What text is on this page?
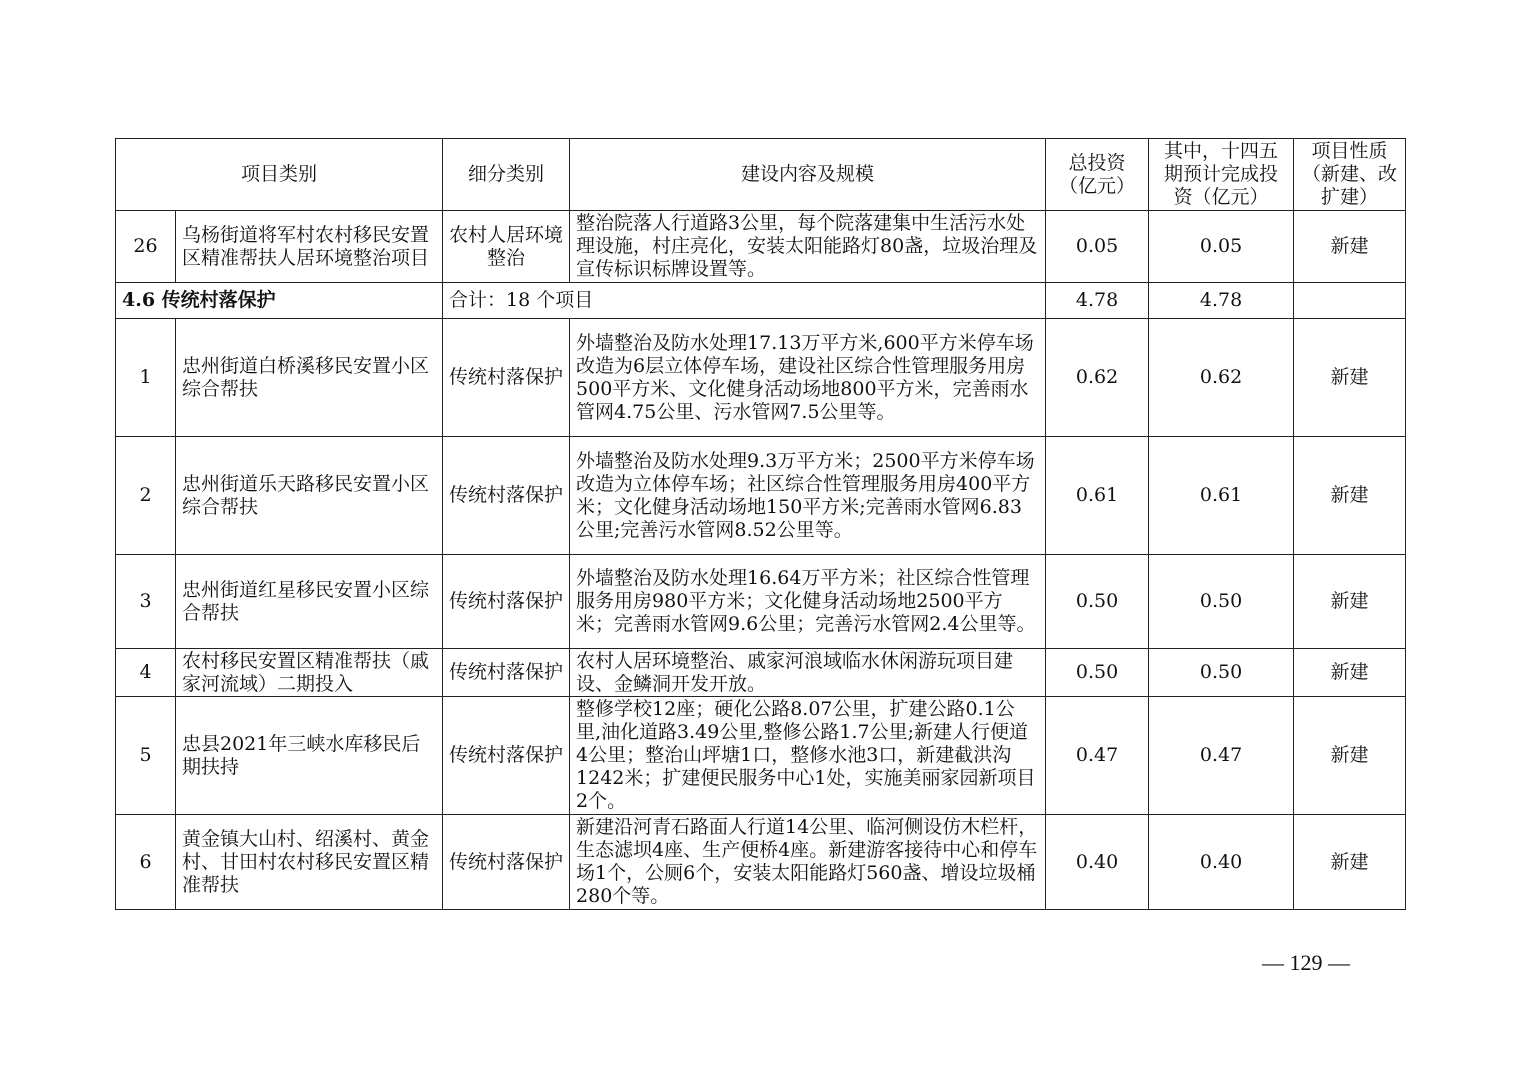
项目类别		细分类别	建设内容及规模	总投资（亿元）	其中，十四五期预计完成投资（亿元）	项目性质（新建、改扩建）
26	乌杨街道将军村农村移民安置区精准帮扶人居环境整治项目	农村人居环境整治	整治院落人行道路3公里，每个院落建集中生活污水处理设施，村庄亮化，安装太阳能路灯80盏，垃圾治理及宣传标识标牌设置等。	0.05	0.05	新建
4.6 传统村落保护		合计：18 个项目		4.78	4.78	
1	忠州街道白桥溪移民安置小区综合帮扶	传统村落保护	外墙整治及防水处理17.13万平方米,600平方米停车场改造为6层立体停车场，建设社区综合性管理服务用房500平方米、文化健身活动场地800平方米，完善雨水管网4.75公里、污水管网7.5公里等。	0.62	0.62	新建
2	忠州街道乐天路移民安置小区综合帮扶	传统村落保护	外墙整治及防水处理9.3万平方米；2500平方米停车场改造为立体停车场；社区综合性管理服务用房400平方米；文化健身活动场地150平方米;完善雨水管网6.83公里;完善污水管网8.52公里等。	0.61	0.61	新建
3	忠州街道红星移民安置小区综合帮扶	传统村落保护	外墙整治及防水处理16.64万平方米；社区综合性管理服务用房980平方米；文化健身活动场地2500平方米；完善雨水管网9.6公里；完善污水管网2.4公里等。	0.50	0.50	新建
4	农村移民安置区精准帮扶（戚家河流域）二期投入	传统村落保护	农村人居环境整治、戚家河浪域临水休闲游玩项目建设、金鳞洞开发开放。	0.50	0.50	新建
5	忠县2021年三峡水库移民后期扶持	传统村落保护	整修学校12座；硬化公路8.07公里，扩建公路0.1公里,油化道路3.49公里,整修公路1.7公里;新建人行便道4公里；整治山坪塘1口，整修水池3口，新建截洪沟1242米；扩建便民服务中心1处，实施美丽家园新项目2个。	0.47	0.47	新建
6	黄金镇大山村、绍溪村、黄金村、甘田村农村移民安置区精准帮扶	传统村落保护	新建沿河青石路面人行道14公里、临河侧设仿木栏杆，生态滤坝4座、生产便桥4座。新建游客接待中心和停车场1个，公厕6个，安装太阳能路灯560盏、增设垃圾桶280个等。	0.40	0.40	新建
— 129 —
